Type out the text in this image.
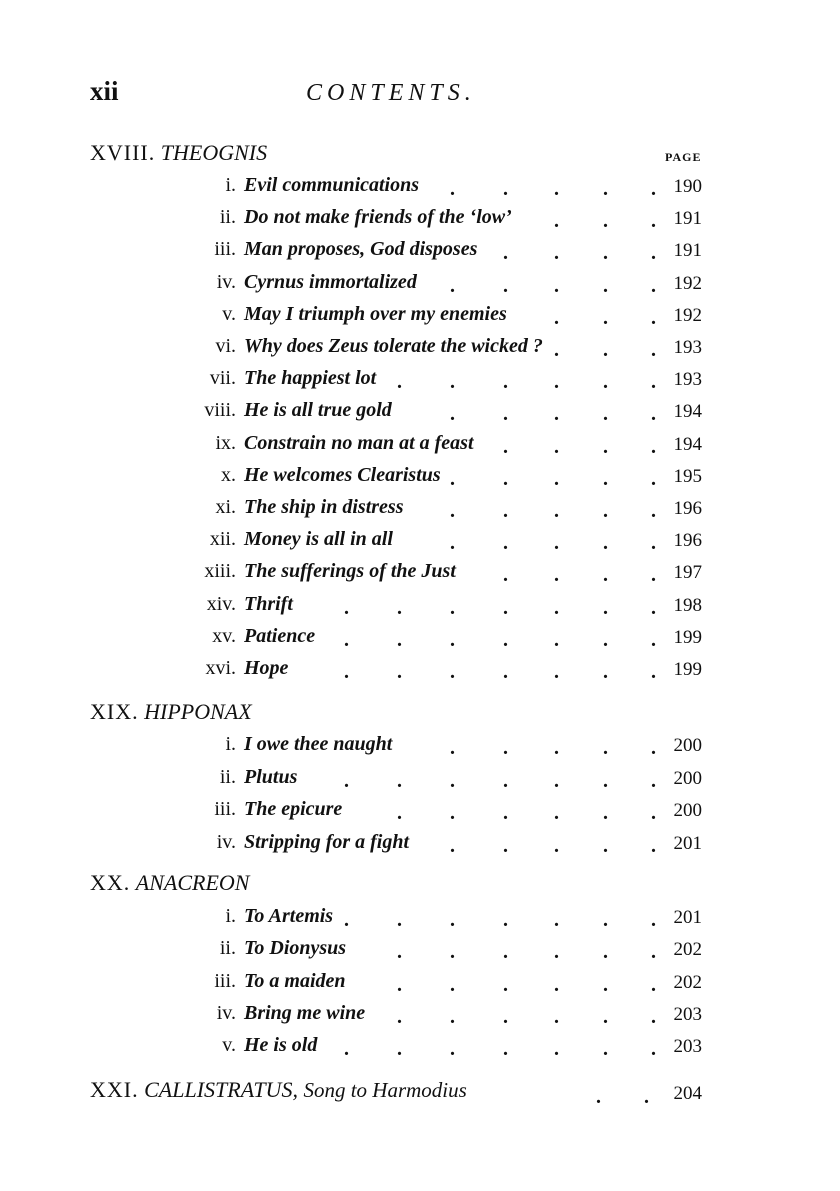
xii	CONTENTS.
PAGE
XVIII. THEOGNIS
i. Evil communications . . . . . 190
ii. Do not make friends of the ‘low’ . . . 191
iii. Man proposes, God disposes . . . . 191
iv. Cyrnus immortalized . . . . . 192
v. May I triumph over my enemies . . . 192
vi. Why does Zeus tolerate the wicked ? . . . 193
vii. The happiest lot . . . . . . 193
viii. He is all true gold	. . . . . 194
ix. Constrain no man at a feast . . . . 194
x. He welcomes Clearistus . . . . . 195
xi. The ship in distress . . . . . 196
xii. Money is all in all	. . . . . 196
xiii. The sufferings of the Just . . . . 197
xiv. Thrift	. . . . . . . 198
xv. Patience . . . . . . . 199
xvi. Hope	. . . . . . . 199
XIX. HIPPONAX
i. I owe thee naught	. . . . . 200
ii. Plutus . . . . . . . 200
iii. The epicure	. . . . . . 200
iv. Stripping for a fight . . . . . 201
XX. ANACREON
i. To Artemis . . . . . . . 201
ii. To Dionysus	. . . . . . 202
iii. To a maiden	. . . . . . 202
iv. Bring me wine . . . . . . 203
v. He is old . . . . . . . 203
XXI. CALLISTRATUS, Song to Harmodius	. . 204
